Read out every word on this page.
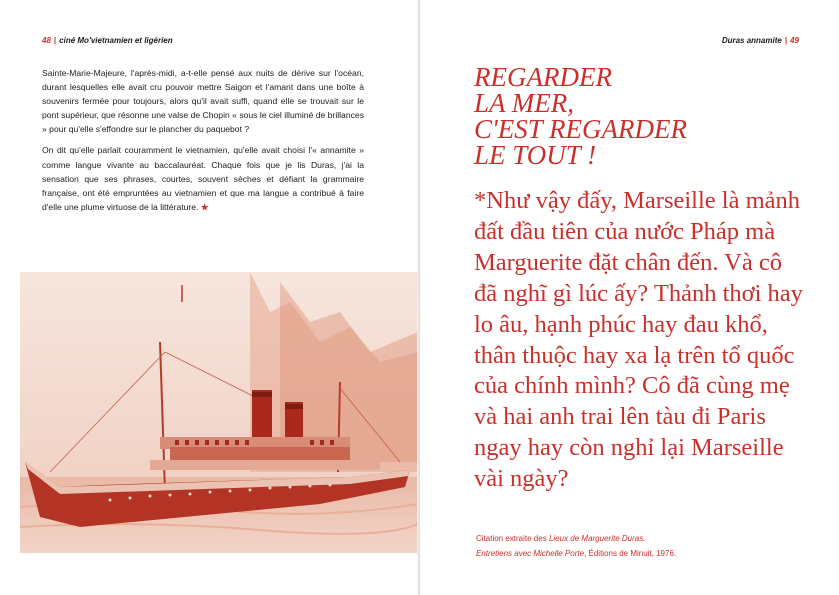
48 | ciné Mo'vietnamien et ligérien

Sainte-Marie-Majeure, l'après-midi, a-t-elle pensé aux nuits de dérive sur l'océan, durant lesquelles elle avait cru pouvoir mettre Saigon et l'amant dans une boîte à souvenirs fermée pour toujours, alors qu'il avait suffi, quand elle se trouvait sur le pont supérieur, que résonne une valse de Chopin « sous le ciel illuminé de brillances » pour qu'elle s'effondre sur le plancher du paquebot ?

On dit qu'elle parlait couramment le vietnamien, qu'elle avait choisi l'« annamite » comme langue vivante au baccalauréat. Chaque fois que je lis Duras, j'ai la sensation que ses phrases, courtes, souvent sèches et défiant la grammaire française, ont été empruntées au vietnamien et que ma langue a contribué à faire d'elle une plume virtuose de la littérature. ★

Duras annamite | 49
REGARDER
LA MER,
C'EST REGARDER
LE TOUT !
*Như vậy đấy, Marseille là mảnh đất đầu tiên của nước Pháp mà Marguerite đặt chân đến. Và cô đã nghĩ gì lúc ấy? Thảnh thơi hay lo âu, hạnh phúc hay đau khổ, thân thuộc hay xa lạ trên tổ quốc của chính mình? Cô đã cùng mẹ và hai anh trai lên tàu đi Paris ngay hay còn nghỉ lại Marseille vài ngày?
Citation extraite des Lieux de Marguerite Duras.
Entretiens avec Michelle Porte, Éditions de Minuit, 1976.
